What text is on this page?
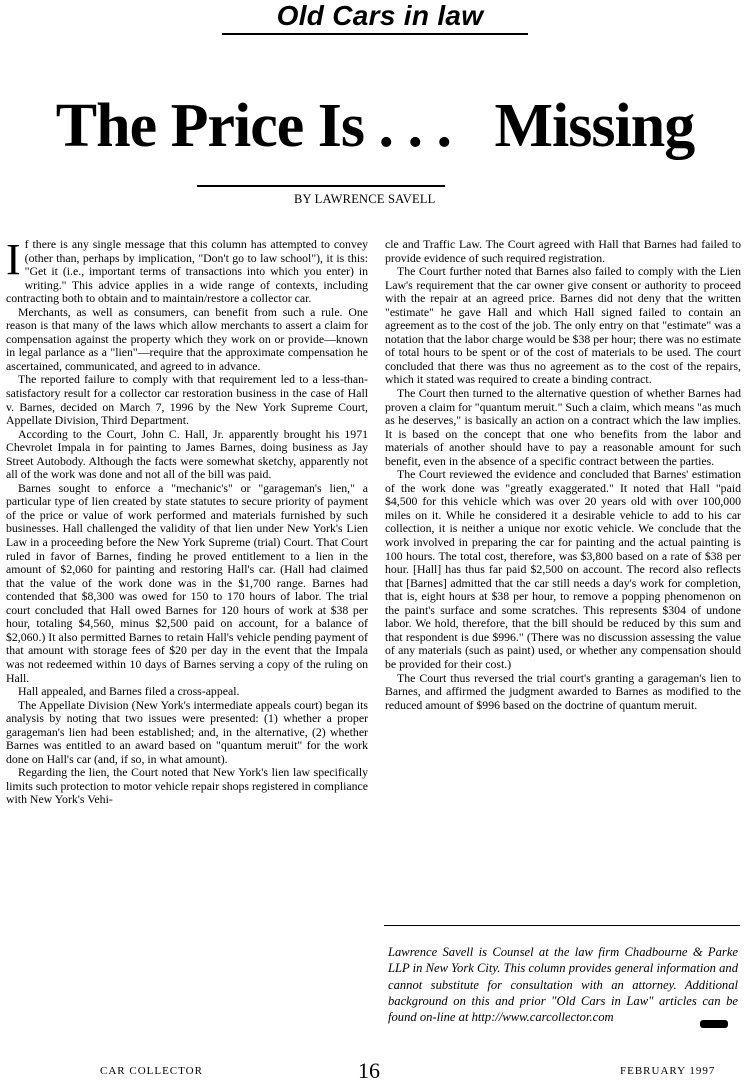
Old Cars in law
The Price Is . . .   Missing
BY LAWRENCE SAVELL

If there is any single message that this column has attempted to convey (other than, perhaps by implication, "Don't go to law school"), it is this: "Get it (i.e., important terms of transactions into which you enter) in writing." This advice applies in a wide range of contexts, including contracting both to obtain and to maintain/restore a collector car.

Merchants, as well as consumers, can benefit from such a rule. One reason is that many of the laws which allow merchants to assert a claim for compensation against the property which they work on or provide—known in legal parlance as a "lien"—require that the approximate compensation he ascertained, communicated, and agreed to in advance.

The reported failure to comply with that requirement led to a less-than-satisfactory result for a collector car restoration business in the case of Hall v. Barnes, decided on March 7, 1996 by the New York Supreme Court, Appellate Division, Third Department.

According to the Court, John C. Hall, Jr. apparently brought his 1971 Chevrolet Impala in for painting to James Barnes, doing business as Jay Street Autobody. Although the facts were somewhat sketchy, apparently not all of the work was done and not all of the bill was paid.

Barnes sought to enforce a "mechanic's" or "garageman's lien," a particular type of lien created by state statutes to secure priority of payment of the price or value of work performed and materials furnished by such businesses. Hall challenged the validity of that lien under New York's Lien Law in a proceeding before the New York Supreme (trial) Court. That Court ruled in favor of Barnes, finding he proved entitlement to a lien in the amount of $2,060 for painting and restoring Hall's car. (Hall had claimed that the value of the work done was in the $1,700 range. Barnes had contended that $8,300 was owed for 150 to 170 hours of labor. The trial court concluded that Hall owed Barnes for 120 hours of work at $38 per hour, totaling $4,560, minus $2,500 paid on account, for a balance of $2,060.) It also permitted Barnes to retain Hall's vehicle pending payment of that amount with storage fees of $20 per day in the event that the Impala was not redeemed within 10 days of Barnes serving a copy of the ruling on Hall.

Hall appealed, and Barnes filed a cross-appeal.

The Appellate Division (New York's intermediate appeals court) began its analysis by noting that two issues were presented: (1) whether a proper garageman's lien had been established; and, in the alternative, (2) whether Barnes was entitled to an award based on "quantum meruit" for the work done on Hall's car (and, if so, in what amount).

Regarding the lien, the Court noted that New York's lien law specifically limits such protection to motor vehicle repair shops registered in compliance with New York's Vehi-

cle and Traffic Law. The Court agreed with Hall that Barnes had failed to provide evidence of such required registration.

The Court further noted that Barnes also failed to comply with the Lien Law's requirement that the car owner give consent or authority to proceed with the repair at an agreed price. Barnes did not deny that the written "estimate" he gave Hall and which Hall signed failed to contain an agreement as to the cost of the job. The only entry on that "estimate" was a notation that the labor charge would be $38 per hour; there was no estimate of total hours to be spent or of the cost of materials to be used. The court concluded that there was thus no agreement as to the cost of the repairs, which it stated was required to create a binding contract.

The Court then turned to the alternative question of whether Barnes had proven a claim for "quantum meruit." Such a claim, which means "as much as he deserves," is basically an action on a contract which the law implies. It is based on the concept that one who benefits from the labor and materials of another should have to pay a reasonable amount for such benefit, even in the absence of a specific contract between the parties.

The Court reviewed the evidence and concluded that Barnes' estimation of the work done was "greatly exaggerated." It noted that Hall "paid $4,500 for this vehicle which was over 20 years old with over 100,000 miles on it. While he considered it a desirable vehicle to add to his car collection, it is neither a unique nor exotic vehicle. We conclude that the work involved in preparing the car for painting and the actual painting is 100 hours. The total cost, therefore, was $3,800 based on a rate of $38 per hour. [Hall] has thus far paid $2,500 on account. The record also reflects that [Barnes] admitted that the car still needs a day's work for completion, that is, eight hours at $38 per hour, to remove a popping phenomenon on the paint's surface and some scratches. This represents $304 of undone labor. We hold, therefore, that the bill should be reduced by this sum and that respondent is due $996." (There was no discussion assessing the value of any materials (such as paint) used, or whether any compensation should be provided for their cost.)

The Court thus reversed the trial court's granting a garageman's lien to Barnes, and affirmed the judgment awarded to Barnes as modified to the reduced amount of $996 based on the doctrine of quantum meruit.

Lawrence Savell is Counsel at the law firm Chadbourne & Parke LLP in New York City. This column provides general information and cannot substitute for consultation with an attorney. Additional background on this and prior "Old Cars in Law" articles can be found on-line at http://www.carcollector.com
CAR COLLECTOR	16	FEBRUARY 1997
